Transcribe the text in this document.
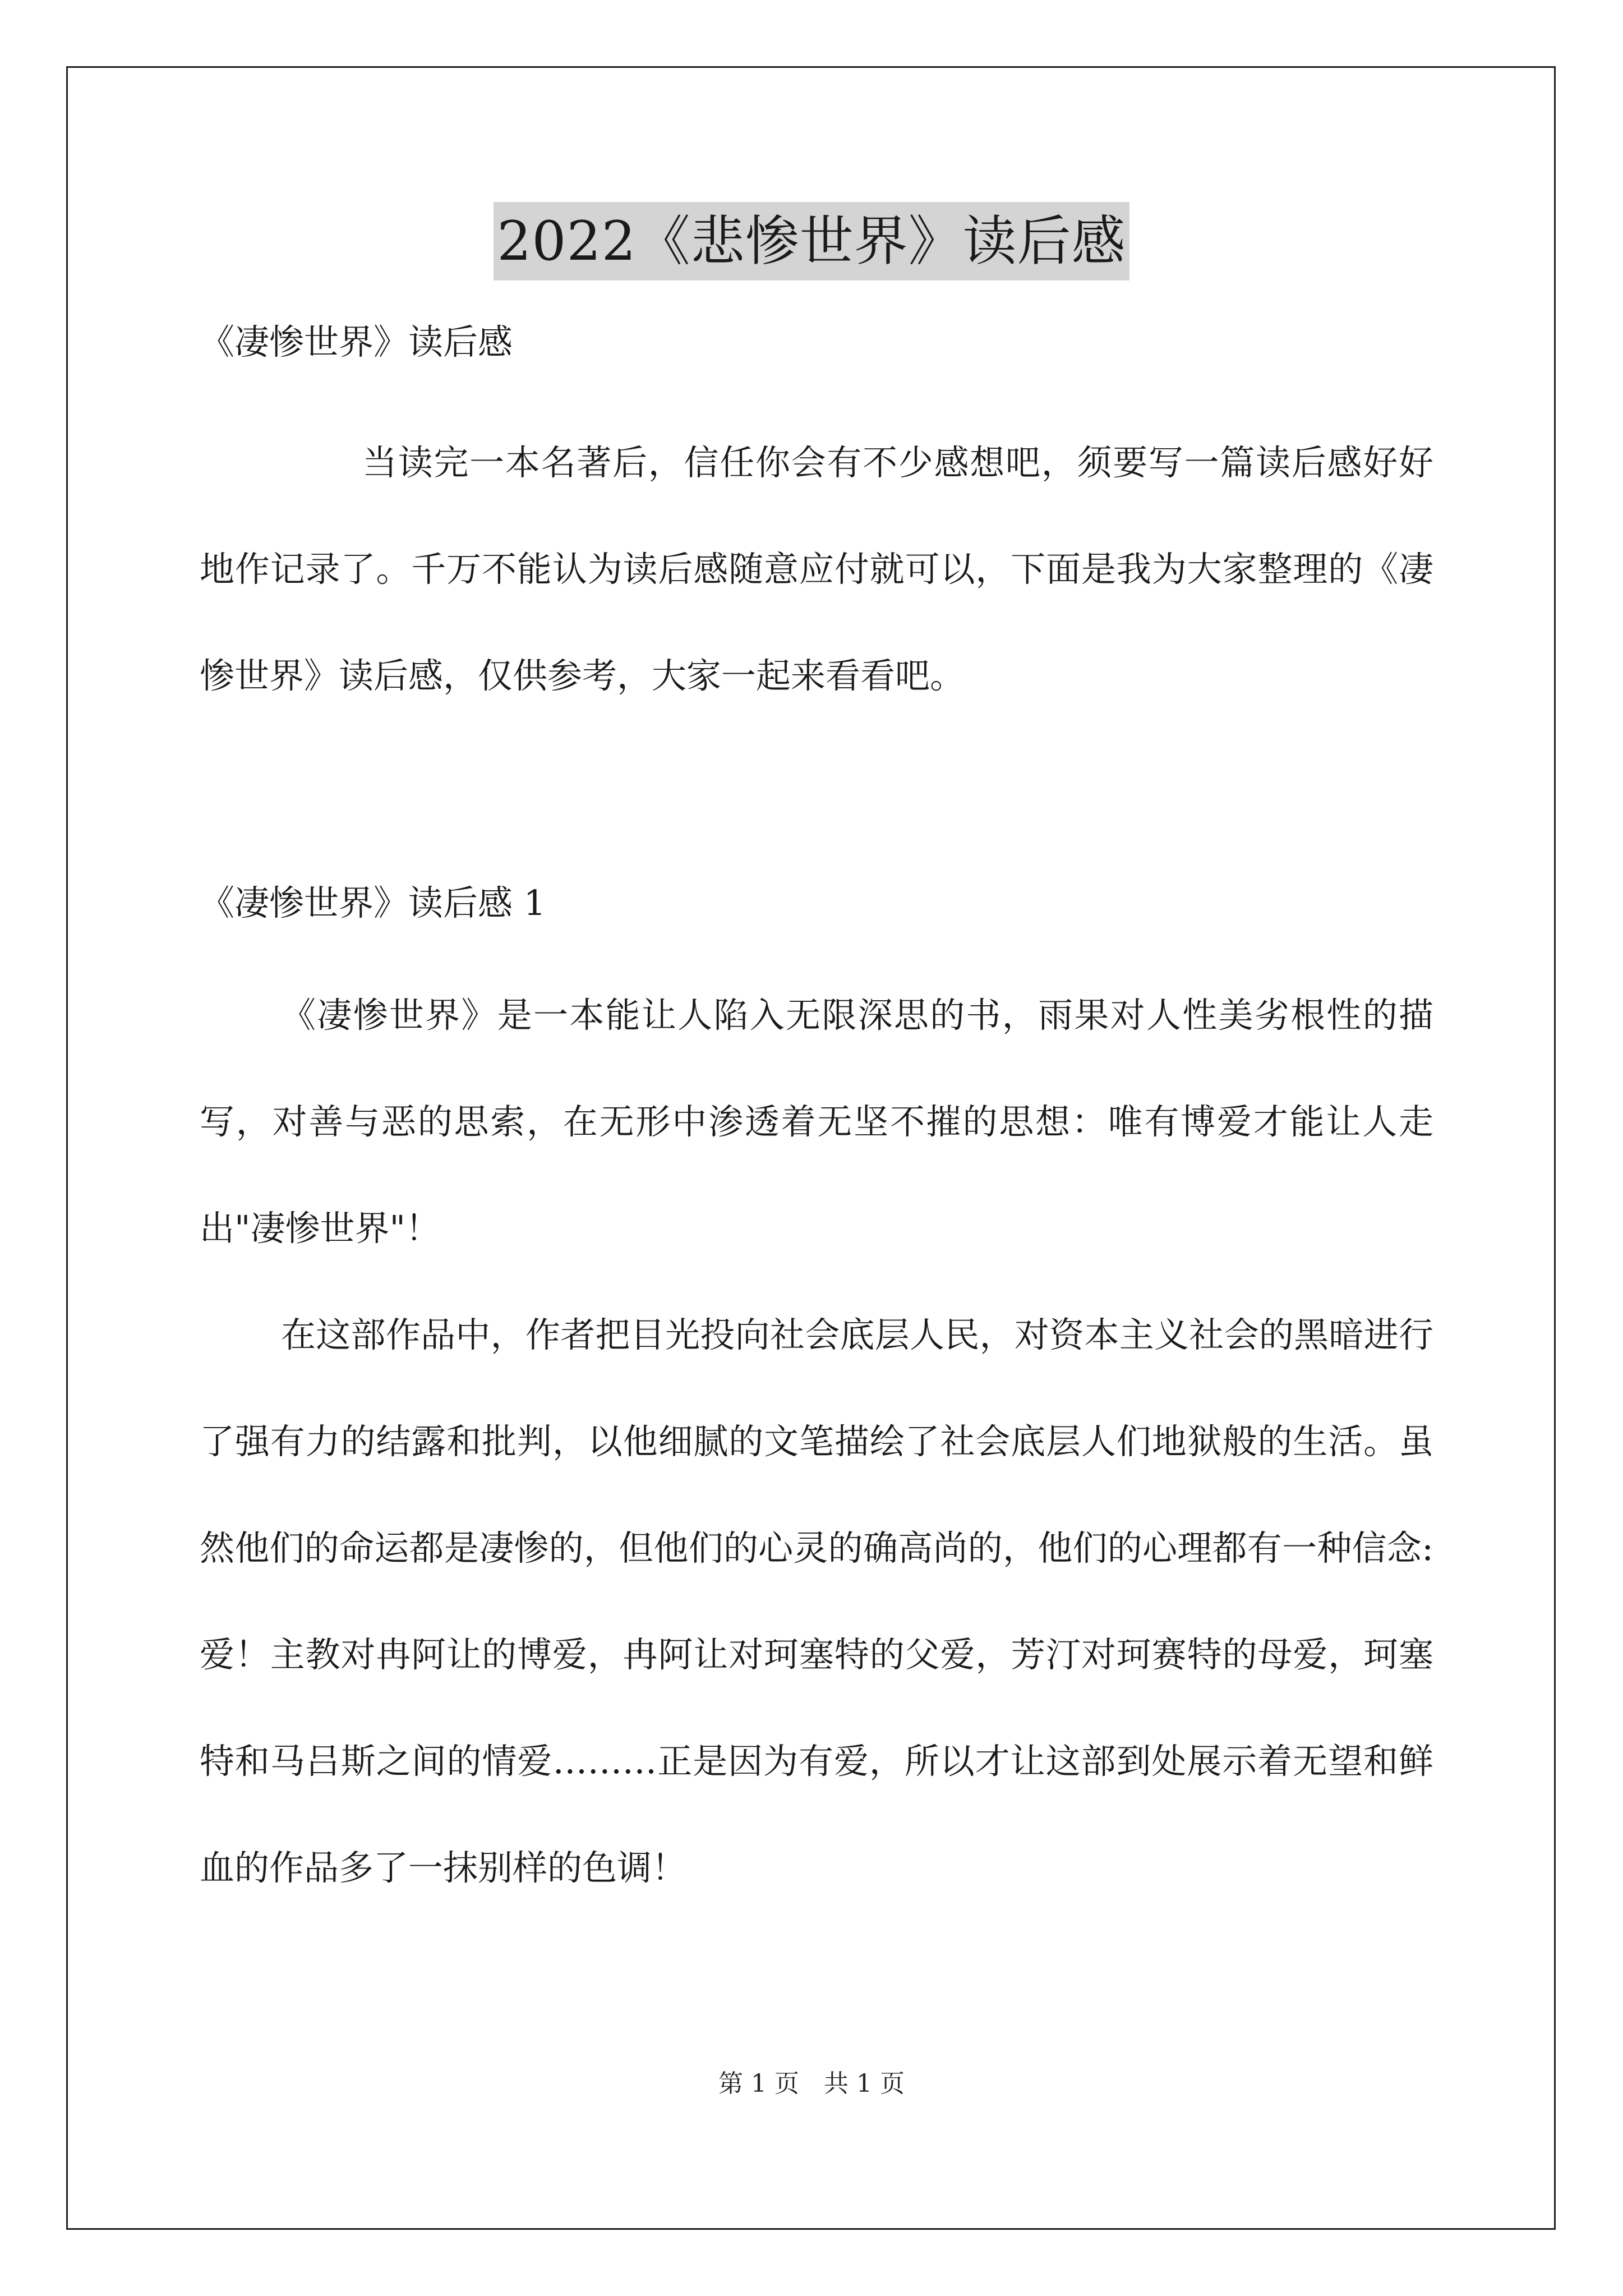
2022《悲惨世界》读后感

《凄惨世界》读后感

当读完一本名著后，信任你会有不少感想吧，须要写一篇读后感好好地作记录了。千万不能认为读后感随意应付就可以，下面是我为大家整理的《凄惨世界》读后感，仅供参考，大家一起来看看吧。

《凄惨世界》读后感 1

《凄惨世界》是一本能让人陷入无限深思的书，雨果对人性美劣根性的描写，对善与恶的思索，在无形中渗透着无坚不摧的思想：唯有博爱才能让人走出"凄惨世界"！

在这部作品中，作者把目光投向社会底层人民，对资本主义社会的黑暗进行了强有力的结露和批判，以他细腻的文笔描绘了社会底层人们地狱般的生活。虽然他们的命运都是凄惨的，但他们的心灵的确高尚的，他们的心理都有一种信念:爱！主教对冉阿让的博爱，冉阿让对珂塞特的父爱，芳汀对珂赛特的母爱，珂塞特和马吕斯之间的情爱………正是因为有爱，所以才让这部到处展示着无望和鲜血的作品多了一抹别样的色调！

第 1 页　共 1 页
